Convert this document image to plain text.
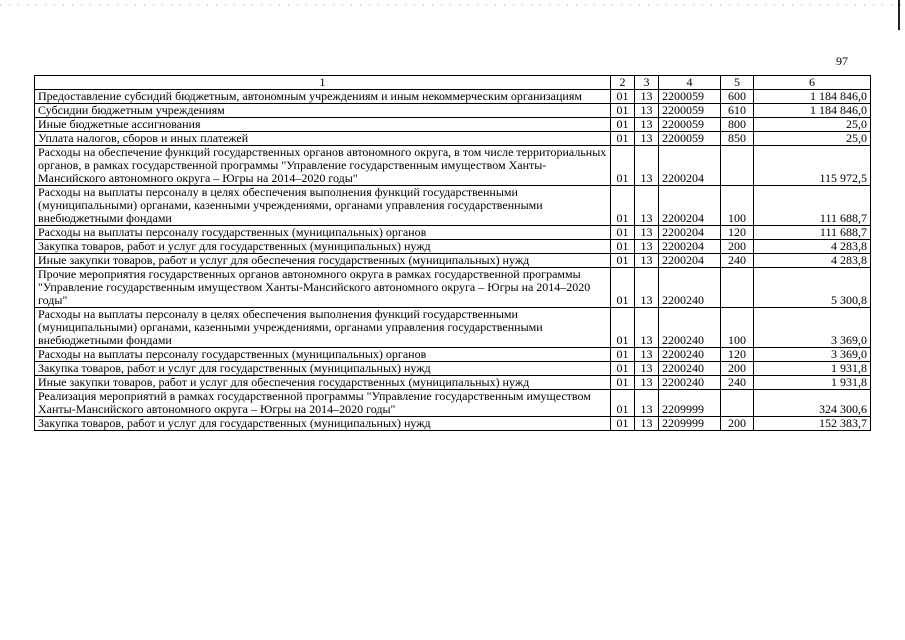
97
1	2	3	4	5	6
Предоставление субсидий бюджетным, автономным учреждениям и иным некоммерческим организациям	01	13	2200059	600	1 184 846,0
Субсидии бюджетным учреждениям	01	13	2200059	610	1 184 846,0
Иные бюджетные ассигнования	01	13	2200059	800	25,0
Уплата налогов, сборов и иных платежей	01	13	2200059	850	25,0
Расходы на обеспечение функций государственных органов автономного округа, в том числе территориальных органов, в рамках государственной программы "Управление государственным имуществом Ханты-Мансийского автономного округа – Югры на 2014–2020 годы"	01	13	2200204		115 972,5
Расходы на выплаты персоналу в целях обеспечения выполнения функций государственными (муниципальными) органами, казенными учреждениями, органами управления государственными внебюджетными фондами	01	13	2200204	100	111 688,7
Расходы на выплаты персоналу государственных (муниципальных) органов	01	13	2200204	120	111 688,7
Закупка товаров, работ и услуг для государственных (муниципальных) нужд	01	13	2200204	200	4 283,8
Иные закупки товаров, работ и услуг для обеспечения государственных (муниципальных) нужд	01	13	2200204	240	4 283,8
Прочие мероприятия государственных органов автономного округа в рамках государственной программы "Управление государственным имуществом Ханты-Мансийского автономного округа – Югры на 2014–2020 годы"	01	13	2200240		5 300,8
Расходы на выплаты персоналу в целях обеспечения выполнения функций государственными (муниципальными) органами, казенными учреждениями, органами управления государственными внебюджетными фондами	01	13	2200240	100	3 369,0
Расходы на выплаты персоналу государственных (муниципальных) органов	01	13	2200240	120	3 369,0
Закупка товаров, работ и услуг для государственных (муниципальных) нужд	01	13	2200240	200	1 931,8
Иные закупки товаров, работ и услуг для обеспечения государственных (муниципальных) нужд	01	13	2200240	240	1 931,8
Реализация мероприятий в рамках государственной программы "Управление государственным имуществом Ханты-Мансийского автономного округа – Югры на 2014–2020 годы"	01	13	2209999		324 300,6
Закупка товаров, работ и услуг для государственных (муниципальных) нужд	01	13	2209999	200	152 383,7
